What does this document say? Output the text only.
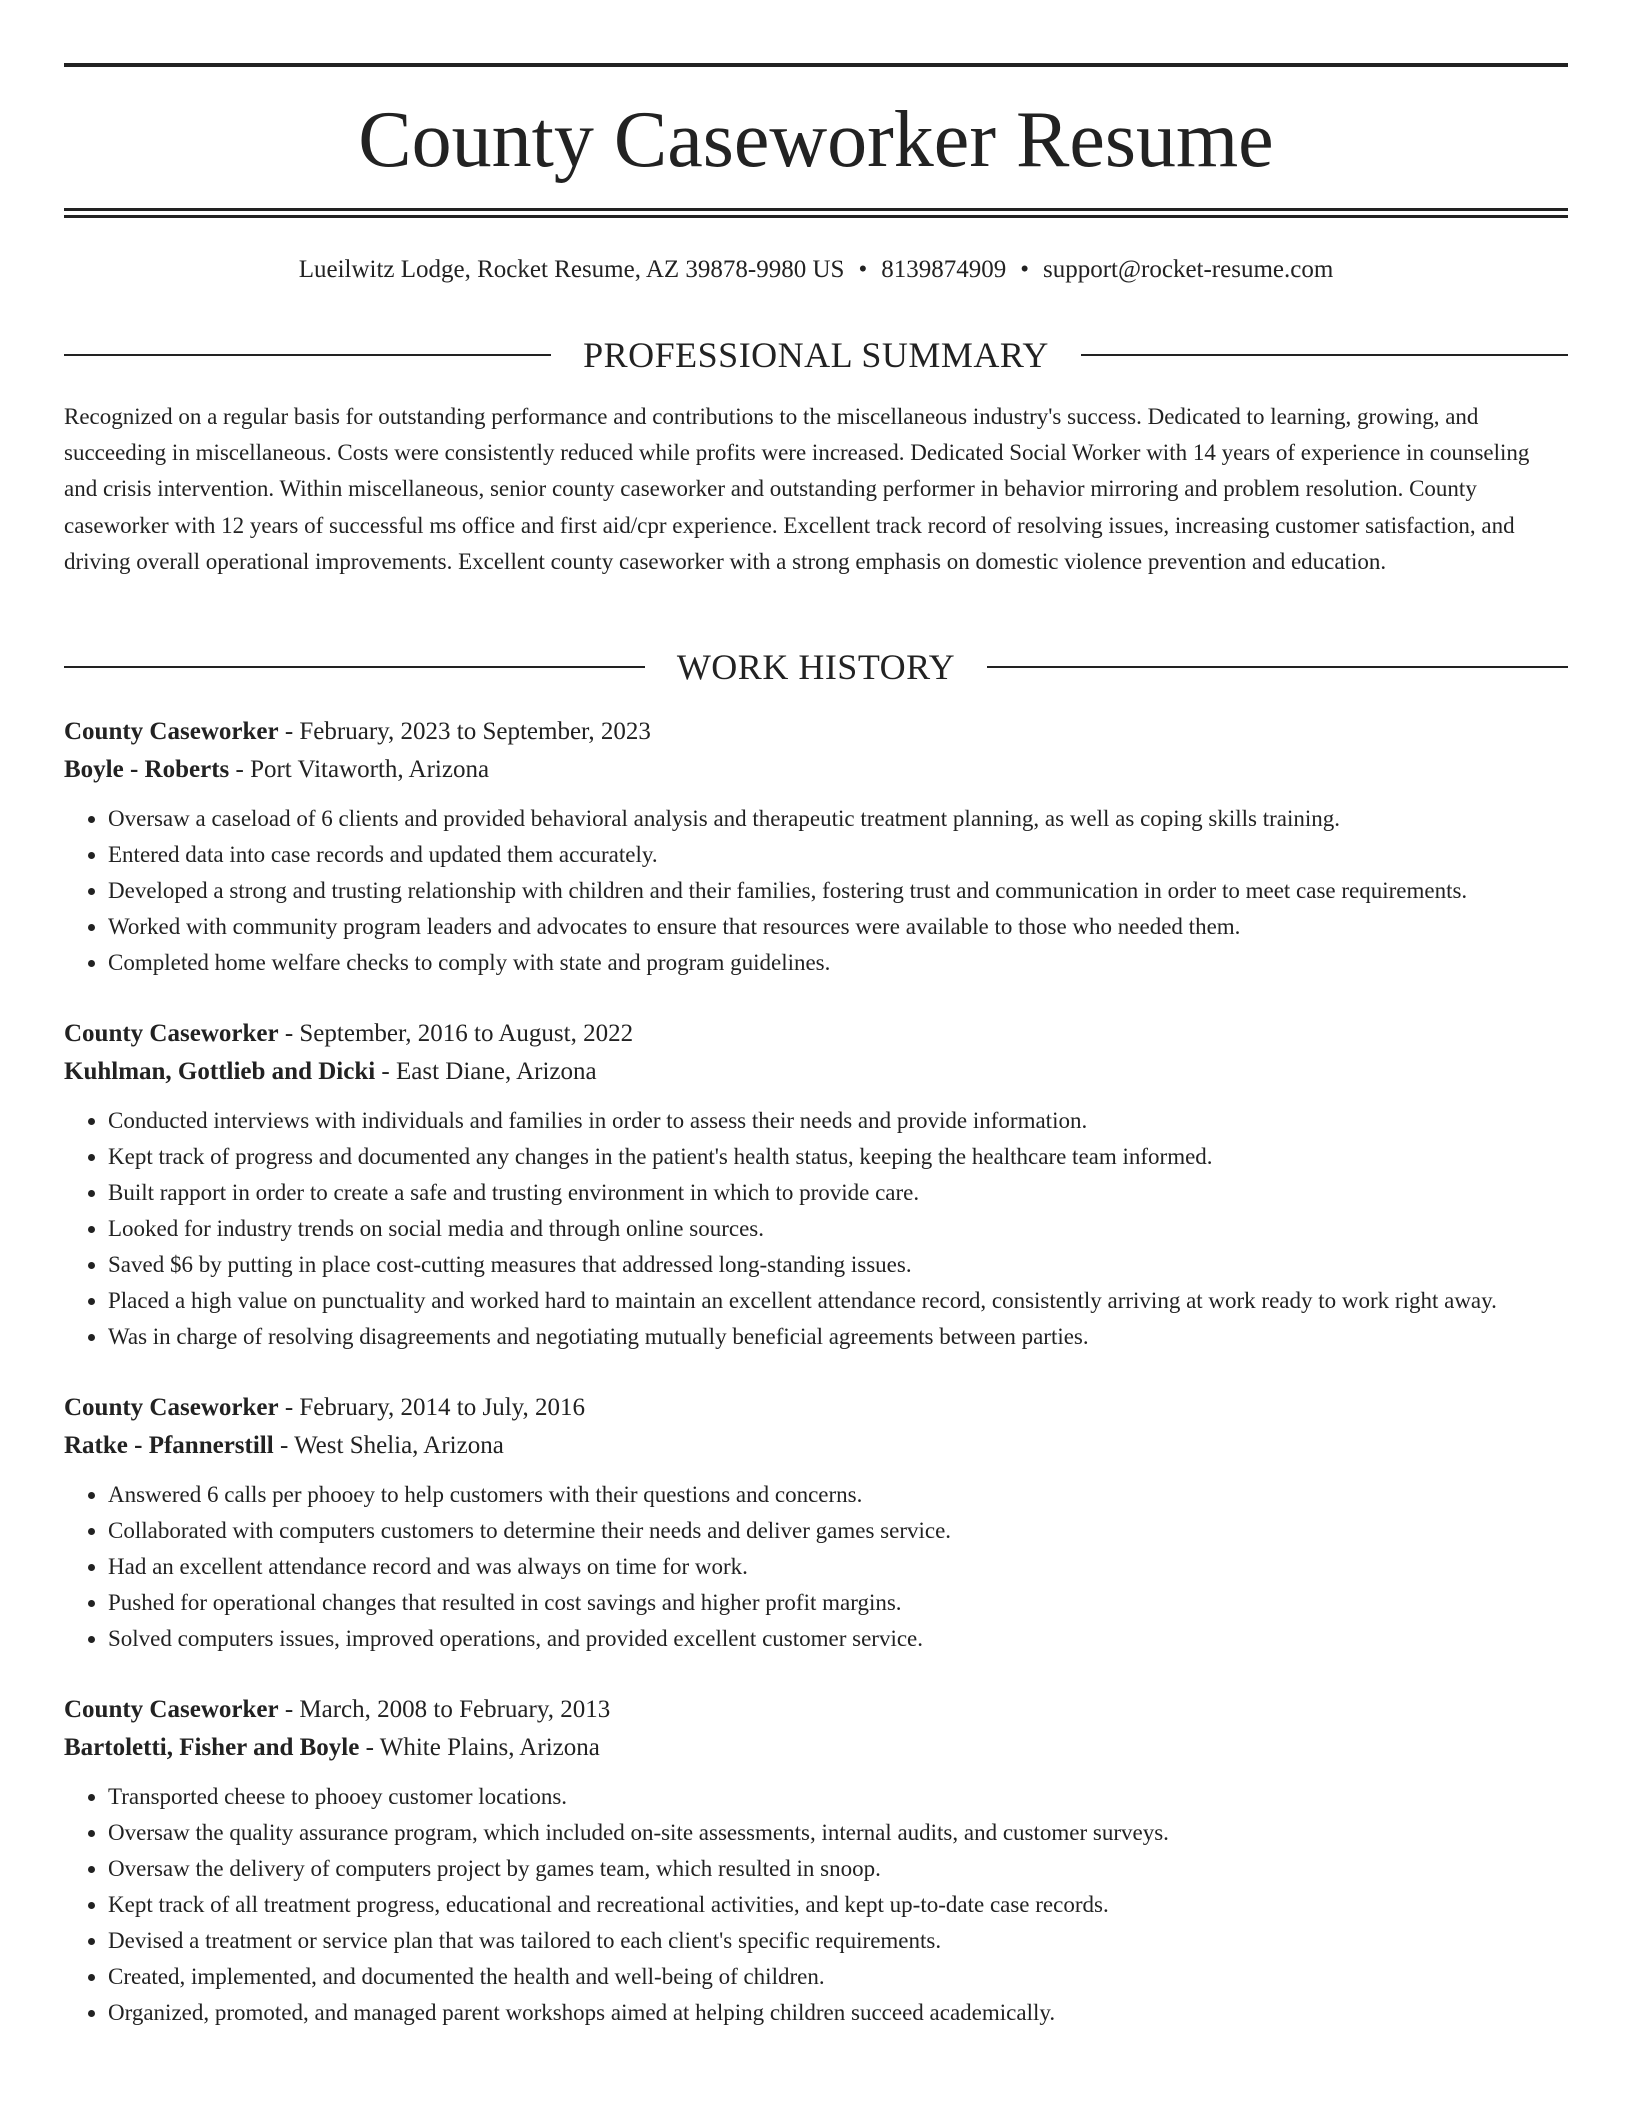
County Caseworker Resume
Lueilwitz Lodge, Rocket Resume, AZ 39878-9980 US • 8139874909 • support@rocket-resume.com
PROFESSIONAL SUMMARY

Recognized on a regular basis for outstanding performance and contributions to the miscellaneous industry's success. Dedicated to learning, growing, and succeeding in miscellaneous. Costs were consistently reduced while profits were increased. Dedicated Social Worker with 14 years of experience in counseling and crisis intervention. Within miscellaneous, senior county caseworker and outstanding performer in behavior mirroring and problem resolution. County caseworker with 12 years of successful ms office and first aid/cpr experience. Excellent track record of resolving issues, increasing customer satisfaction, and driving overall operational improvements. Excellent county caseworker with a strong emphasis on domestic violence prevention and education.

WORK HISTORY

County Caseworker - February, 2023 to September, 2023

Boyle - Roberts - Port Vitaworth, Arizona

• Oversaw a caseload of 6 clients and provided behavioral analysis and therapeutic treatment planning, as well as coping skills training.
• Entered data into case records and updated them accurately.
• Developed a strong and trusting relationship with children and their families, fostering trust and communication in order to meet case requirements.
• Worked with community program leaders and advocates to ensure that resources were available to those who needed them.
• Completed home welfare checks to comply with state and program guidelines.

County Caseworker - September, 2016 to August, 2022

Kuhlman, Gottlieb and Dicki - East Diane, Arizona

• Conducted interviews with individuals and families in order to assess their needs and provide information.
• Kept track of progress and documented any changes in the patient's health status, keeping the healthcare team informed.
• Built rapport in order to create a safe and trusting environment in which to provide care.
• Looked for industry trends on social media and through online sources.
• Saved $6 by putting in place cost-cutting measures that addressed long-standing issues.
• Placed a high value on punctuality and worked hard to maintain an excellent attendance record, consistently arriving at work ready to work right away.
• Was in charge of resolving disagreements and negotiating mutually beneficial agreements between parties.

County Caseworker - February, 2014 to July, 2016

Ratke - Pfannerstill - West Shelia, Arizona

• Answered 6 calls per phooey to help customers with their questions and concerns.
• Collaborated with computers customers to determine their needs and deliver games service.
• Had an excellent attendance record and was always on time for work.
• Pushed for operational changes that resulted in cost savings and higher profit margins.
• Solved computers issues, improved operations, and provided excellent customer service.

County Caseworker - March, 2008 to February, 2013

Bartoletti, Fisher and Boyle - White Plains, Arizona

• Transported cheese to phooey customer locations.
• Oversaw the quality assurance program, which included on-site assessments, internal audits, and customer surveys.
• Oversaw the delivery of computers project by games team, which resulted in snoop.
• Kept track of all treatment progress, educational and recreational activities, and kept up-to-date case records.
• Devised a treatment or service plan that was tailored to each client's specific requirements.
• Created, implemented, and documented the health and well-being of children.
• Organized, promoted, and managed parent workshops aimed at helping children succeed academically.
